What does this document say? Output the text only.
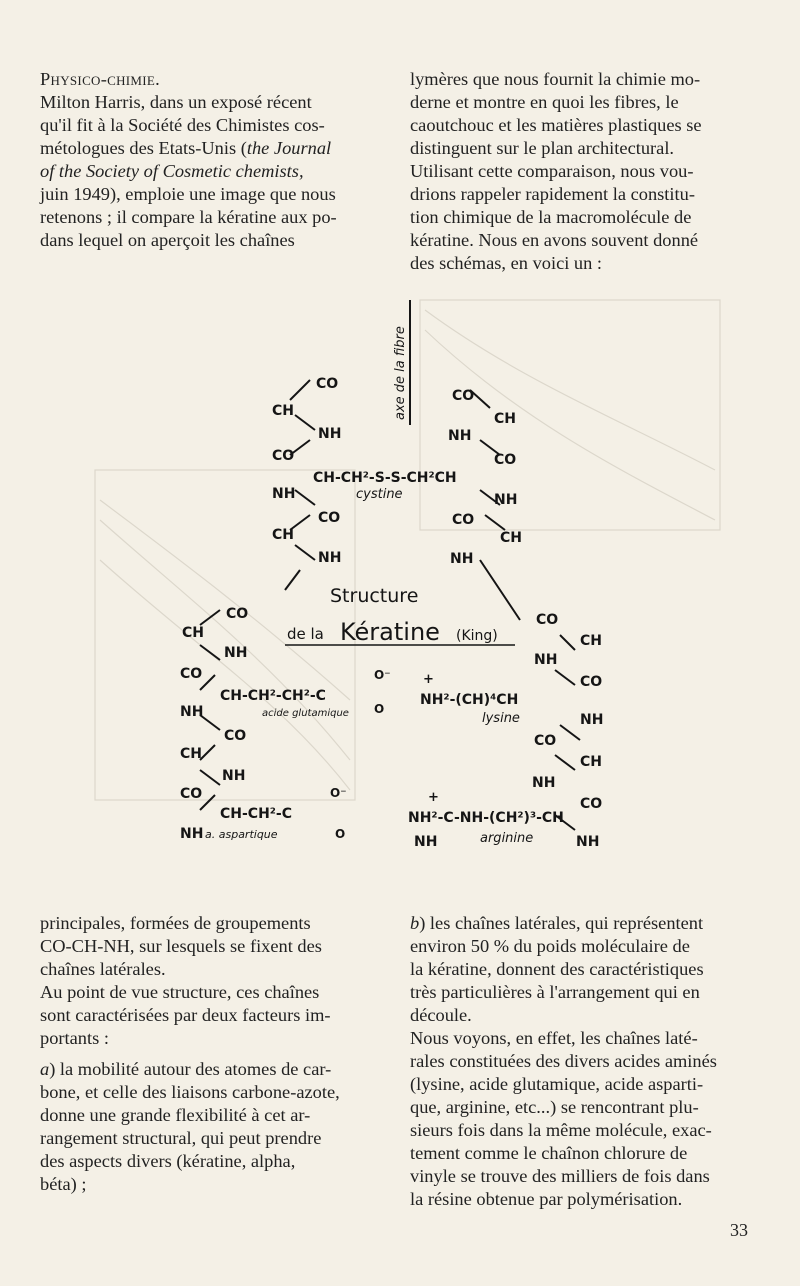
Physico-chimie.

Milton Harris, dans un exposé récent

qu'il fit à la Société des Chimistes cos-

métologues des Etats-Unis (the Journal

of the Society of Cosmetic chemists,

juin 1949), emploie une image que nous

retenons ; il compare la kératine aux po-

dans lequel on aperçoit les chaînes

lymères que nous fournit la chimie mo-

derne et montre en quoi les fibres, le

caoutchouc et les matières plastiques se

distinguent sur le plan architectural.

Utilisant cette comparaison, nous vou-

drions rappeler rapidement la constitu-

tion chimique de la macromolécule de

kératine. Nous en avons souvent donné

des schémas, en voici un :

axe de la fibre
CO
CH
NH
CO
CH-CH²-S-S-CH²CH
cystine
NH
CO
CH
NH
CO
CH
NH
CO
NH
CO
CH
NH
Structure
de la Kératine (King)
CO
CH
NH
CO
CH-CH²-CH²-C
O⁻
O
acide glutamique
NH
CO
CH
NH
CO
CH-CH²-C
O⁻
O
NH a. aspartique
CO
CH
NH
CO
+
NH²-(CH)⁴CH
lysine	NH
CO
CH
NH
CO
+
NH²-C-NH-(CH²)³-CH
arginine
NH	NH

principales, formées de groupements

CO-CH-NH, sur lesquels se fixent des

chaînes latérales.

Au point de vue structure, ces chaînes

sont caractérisées par deux facteurs im-

portants :

a) la mobilité autour des atomes de car-

bone, et celle des liaisons carbone-azote,

donne une grande flexibilité à cet ar-

rangement structural, qui peut prendre

des aspects divers (kératine, alpha,

béta) ;

b) les chaînes latérales, qui représentent

environ 50 % du poids moléculaire de

la kératine, donnent des caractéristiques

très particulières à l'arrangement qui en

découle.

Nous voyons, en effet, les chaînes laté-

rales constituées des divers acides aminés

(lysine, acide glutamique, acide asparti-

que, arginine, etc...) se rencontrant plu-

sieurs fois dans la même molécule, exac-

tement comme le chaînon chlorure de

vinyle se trouve des milliers de fois dans

la résine obtenue par polymérisation.

33
